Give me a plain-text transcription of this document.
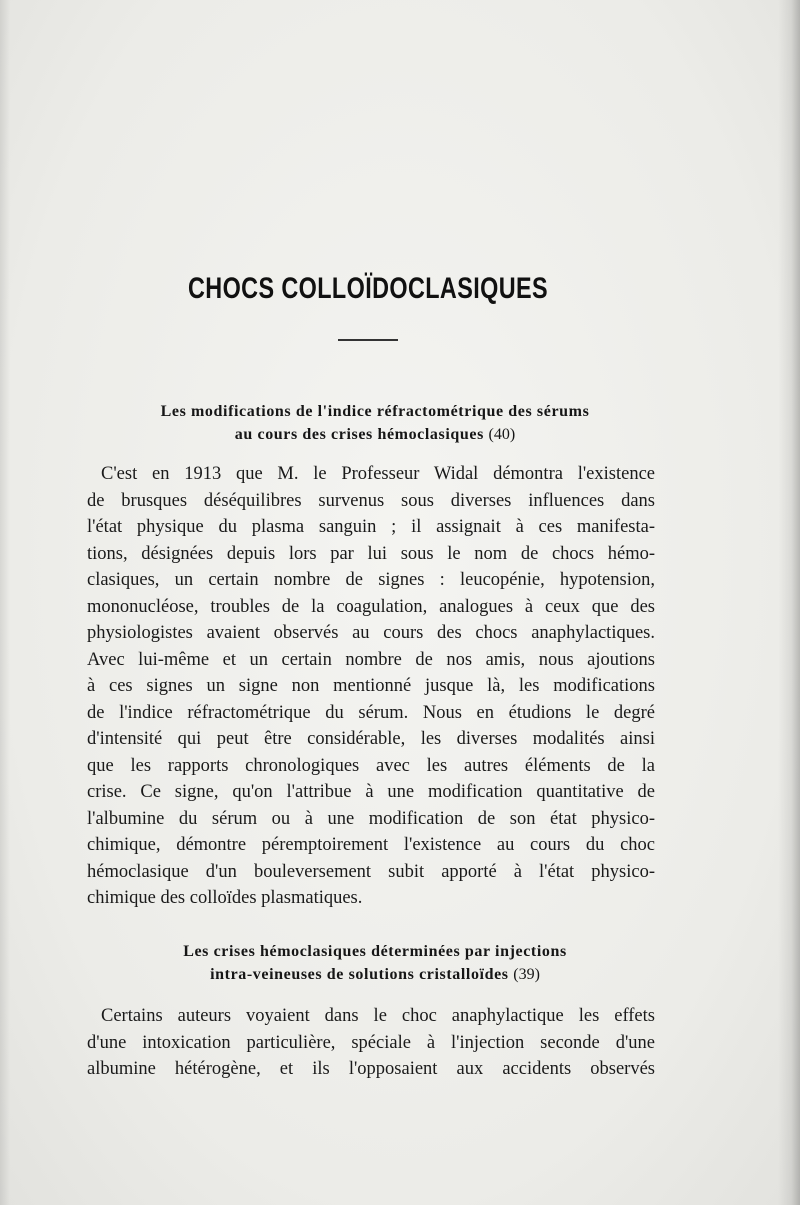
CHOCS COLLOÏDOCLASIQUES
Les modifications de l'indice réfractométrique des sérums
au cours des crises hémoclasiques (40)
C'est en 1913 que M. le Professeur Widal démontra l'existence
de brusques déséquilibres survenus sous diverses influences dans
l'état physique du plasma sanguin ; il assignait à ces manifesta-
tions, désignées depuis lors par lui sous le nom de chocs hémo-
clasiques, un certain nombre de signes : leucopénie, hypotension,
mononucléose, troubles de la coagulation, analogues à ceux que des
physiologistes avaient observés au cours des chocs anaphylactiques.
Avec lui-même et un certain nombre de nos amis, nous ajoutions
à ces signes un signe non mentionné jusque là, les modifications
de l'indice réfractométrique du sérum. Nous en étudions le degré
d'intensité qui peut être considérable, les diverses modalités ainsi
que les rapports chronologiques avec les autres éléments de la
crise. Ce signe, qu'on l'attribue à une modification quantitative de
l'albumine du sérum ou à une modification de son état physico-
chimique, démontre péremptoirement l'existence au cours du choc
hémoclasique d'un bouleversement subit apporté à l'état physico-
chimique des colloïdes plasmatiques.
Les crises hémoclasiques déterminées par injections
intra-veineuses de solutions cristalloïdes (39)
Certains auteurs voyaient dans le choc anaphylactique les effets
d'une intoxication particulière, spéciale à l'injection seconde d'une
albumine hétérogène, et ils l'opposaient aux accidents observés
